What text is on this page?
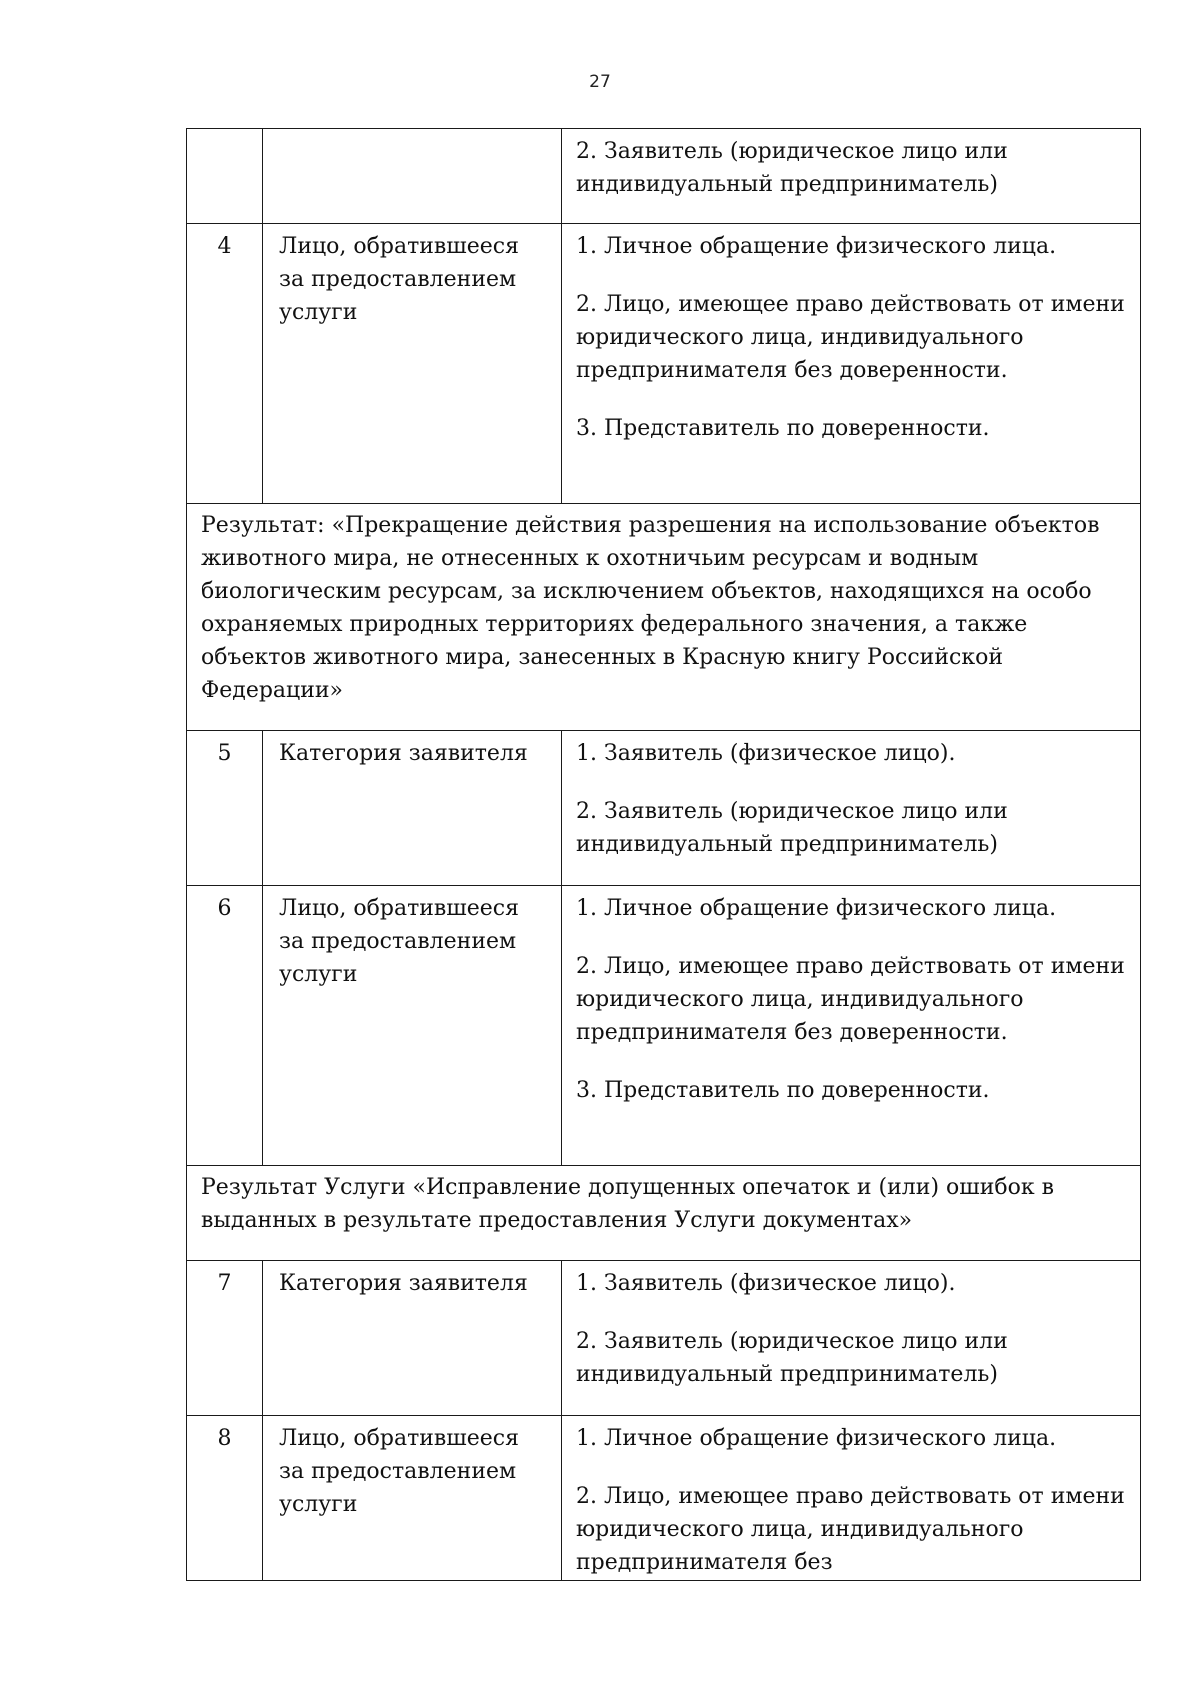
27

		2. Заявитель (юридическое лицо или индивидуальный предприниматель)

4	Лицо, обратившееся за предоставлением услуги	1. Личное обращение физического лица.

2. Лицо, имеющее право действовать от имени юридического лица, индивидуального предпринимателя без доверенности.

3. Представитель по доверенности.

Результат: «Прекращение действия разрешения на использование объектов животного мира, не отнесенных к охотничьим ресурсам и водным биологическим ресурсам, за исключением объектов, находящихся на особо охраняемых природных территориях федерального значения, а также объектов животного мира, занесенных в Красную книгу Российской Федерации»		
5	Категория заявителя	1. Заявитель (физическое лицо).

2. Заявитель (юридическое лицо или индивидуальный предприниматель)

6	Лицо, обратившееся за предоставлением услуги	1. Личное обращение физического лица.

2. Лицо, имеющее право действовать от имени юридического лица, индивидуального предпринимателя без доверенности.

3. Представитель по доверенности.

Результат Услуги «Исправление допущенных опечаток и (или) ошибок в выданных в результате предоставления Услуги документах»		
7	Категория заявителя	1. Заявитель (физическое лицо).

2. Заявитель (юридическое лицо или индивидуальный предприниматель)

8	Лицо, обратившееся за предоставлением услуги	1. Личное обращение физического лица.

2. Лицо, имеющее право действовать от имени юридического лица, индивидуального предпринимателя без
